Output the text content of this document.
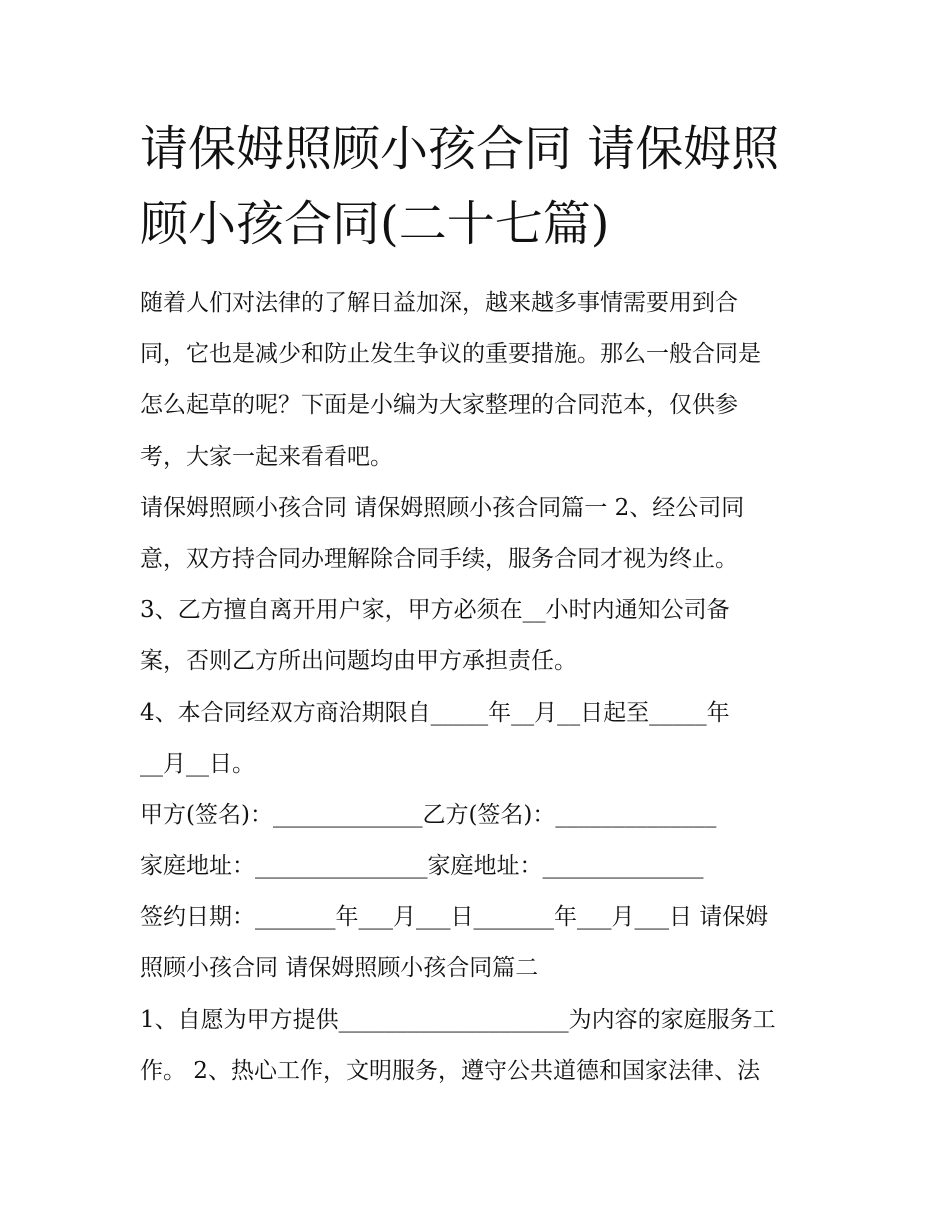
请保姆照顾小孩合同 请保姆照
顾小孩合同(二十七篇)
随着人们对法律的了解日益加深，越来越多事情需要用到合
同，它也是减少和防止发生争议的重要措施。那么一般合同是
怎么起草的呢？下面是小编为大家整理的合同范本，仅供参
考，大家一起来看看吧。
请保姆照顾小孩合同 请保姆照顾小孩合同篇一 2、经公司同
意，双方持合同办理解除合同手续，服务合同才视为终止。
3、乙方擅自离开用户家，甲方必须在__小时内通知公司备
案，否则乙方所出问题均由甲方承担责任。
4、本合同经双方商洽期限自_____年__月__日起至_____年
__月__日。
甲方(签名)：_____________乙方(签名)：______________
家庭地址：_______________家庭地址：______________
签约日期：_______年___月___日_______年___月___日 请保姆
照顾小孩合同 请保姆照顾小孩合同篇二
1、自愿为甲方提供____________________为内容的家庭服务工
作。 2、热心工作，文明服务，遵守公共道德和国家法律、法
